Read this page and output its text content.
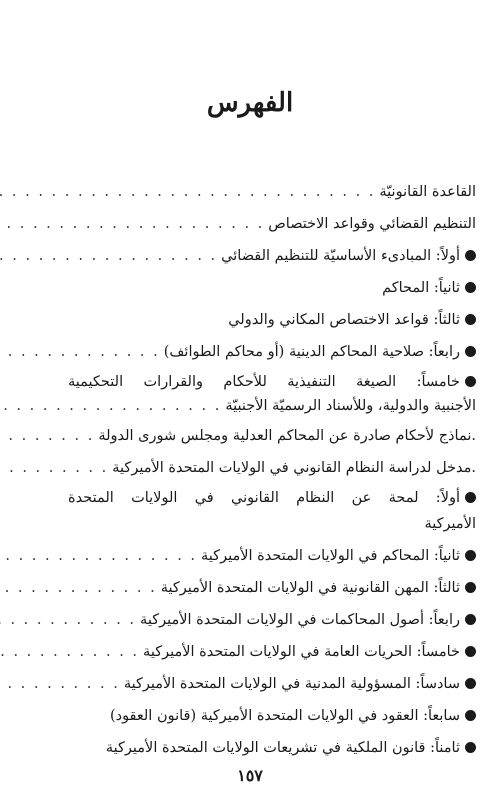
الفهرس
القاعدة القانونيّة
. . .
التنظيم القضائي وقواعد الاختصاص
. . .
أولاً: المبادىء الأساسيّة للتنظيم القضائي
. . .
ثانياً: المحاكم
ثالثاً: قواعد الاختصاص المكاني والدولي
رابعاً: صلاحية المحاكم الدينية (أو محاكم الطوائف)
. . .
خامساً: الصيغة التنفيذية للأحكام والقرارات التحكيمية
الأجنبية والدولية، وللأسناد الرسميّة الأجنبيّة
. . .
.نماذج لأحكام صادرة عن المحاكم العدلية ومجلس شورى الدولة
. . .
.مدخل لدراسة النظام القانوني في الولايات المتحدة الأميركية
. . .
أولاً: لمحة عن النظام القانوني في الولايات المتحدة
الأميركية
ثانياً: المحاكم في الولايات المتحدة الأميركية
. . .
ثالثاً: المهن القانونية في الولايات المتحدة الأميركية
. . .
رابعاً: أصول المحاكمات في الولايات المتحدة الأميركية
. . .
خامساً: الحريات العامة في الولايات المتحدة الأميركية
. . .
سادساً: المسؤولية المدنية في الولايات المتحدة الأميركية
. . .
سابعاً: العقود في الولايات المتحدة الأميركية (قانون العقود)
ثامناً: قانون الملكية في تشريعات الولايات المتحدة الأميركية
١٥٧
